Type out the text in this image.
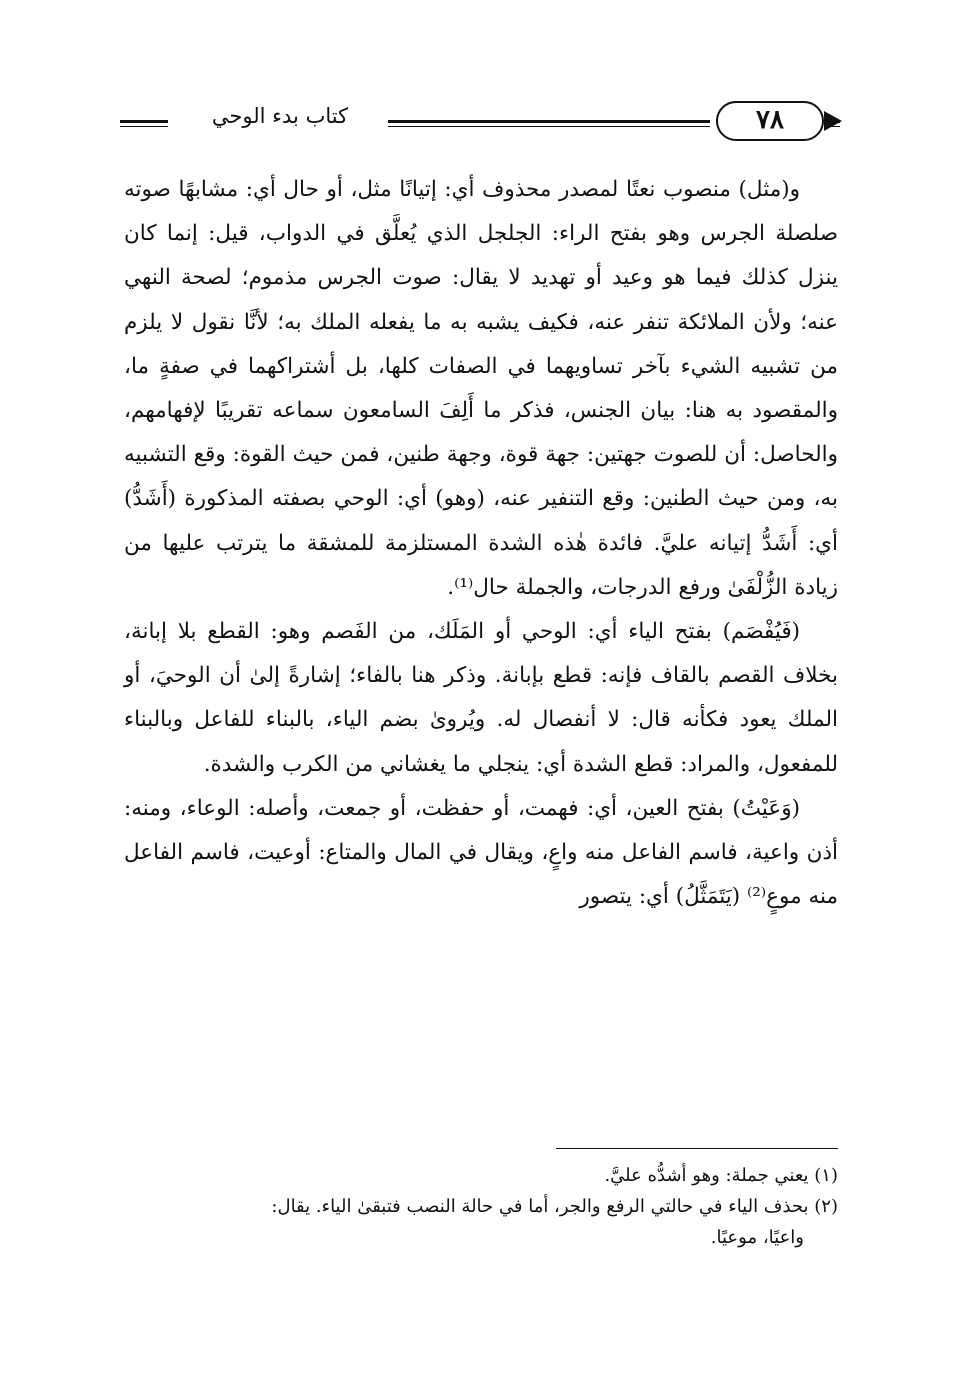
كتاب بدء الوحي	٧٨

و(مثل) منصوب نعتًا لمصدر محذوف أي: إتيانًا مثل، أو حال أي: مشابهًا صوته صلصلة الجرس وهو بفتح الراء: الجلجل الذي يُعلَّق في الدواب، قيل: إنما كان ينزل كذلك فيما هو وعيد أو تهديد لا يقال: صوت الجرس مذموم؛ لصحة النهي عنه؛ ولأن الملائكة تنفر عنه، فكيف يشبه به ما يفعله الملك به؛ لأنَّا نقول لا يلزم من تشبيه الشيء بآخر تساويهما في الصفات كلها، بل أشتراكهما في صفةٍ ما، والمقصود به هنا: بيان الجنس، فذكر ما أَلِفَ السامعون سماعه تقريبًا لإفهامهم، والحاصل: أن للصوت جهتين: جهة قوة، وجهة طنين، فمن حيث القوة: وقع التشبيه به، ومن حيث الطنين: وقع التنفير عنه، (وهو) أي: الوحي بصفته المذكورة (أَشَدُّ) أي: أَشَدُّ إتيانه عليَّ. فائدة هٰذه الشدة المستلزمة للمشقة ما يترتب عليها من زيادة الزُّلْفَىٰ ورفع الدرجات، والجملة حال⁽¹⁾.

(فَيُفْصَم) بفتح الياء أي: الوحي أو المَلَك، من الفَصم وهو: القطع بلا إبانة، بخلاف القصم بالقاف فإنه: قطع بإبانة. وذكر هنا بالفاء؛ إشارةً إلىٰ أن الوحيَ، أو الملك يعود فكأنه قال: لا أنفصال له. ويُروىٰ بضم الياء، بالبناء للفاعل وبالبناء للمفعول، والمراد: قطع الشدة أي: ينجلي ما يغشاني من الكرب والشدة.

(وَعَيْتُ) بفتح العين، أي: فهمت، أو حفظت، أو جمعت، وأصله: الوعاء، ومنه: أذن واعية، فاسم الفاعل منه واعٍ، ويقال في المال والمتاع: أوعيت، فاسم الفاعل منه موعٍ⁽²⁾ (يَتَمَثَّلُ) أي: يتصور

(١) يعني جملة: وهو أشدُّه عليَّ.
(٢) بحذف الياء في حالتي الرفع والجر، أما في حالة النصب فتبقىٰ الياء. يقال:
واعيًا، موعيًا.
